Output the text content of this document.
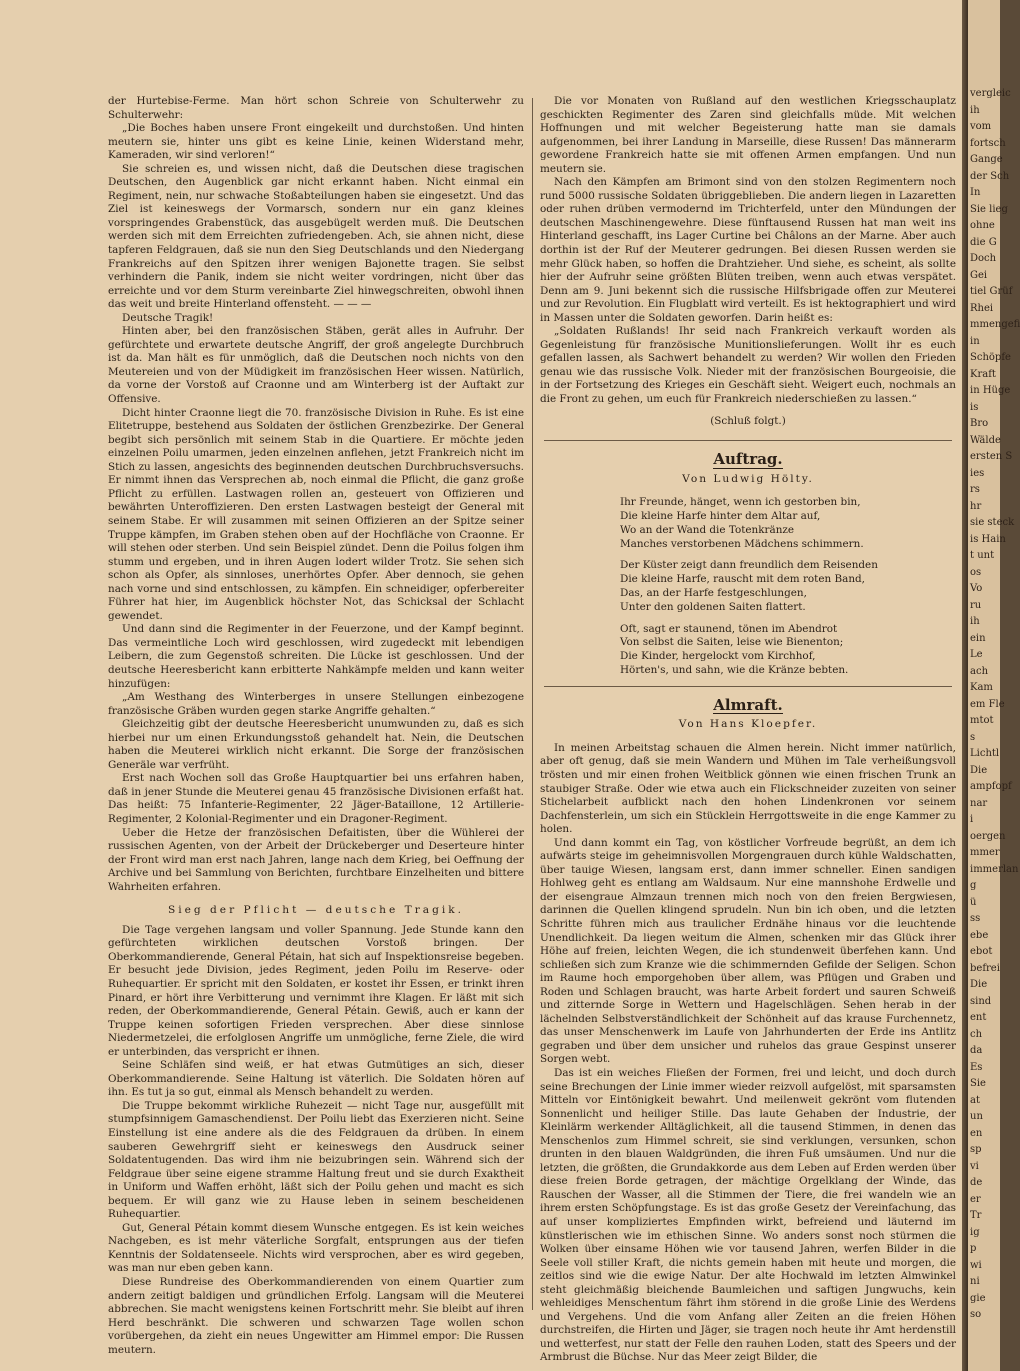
der Hurtebise-Ferme. Man hört schon Schreie von Schulterwehr zu Schulterwehr:

„Die Boches haben unsere Front eingekeilt und durchstoßen. Und hinten meutern sie, hinter uns gibt es keine Linie, keinen Widerstand mehr, Kameraden, wir sind verloren!“

Sie schreien es, und wissen nicht, daß die Deutschen diese tragischen Deutschen, den Augenblick gar nicht erkannt haben. Nicht einmal ein Regiment, nein, nur schwache Stoßabteilungen haben sie eingesetzt. Und das Ziel ist keineswegs der Vormarsch, sondern nur ein ganz kleines vorspringendes Grabenstück, das ausgebügelt werden muß. Die Deutschen werden sich mit dem Erreichten zufriedengeben. Ach, sie ahnen nicht, diese tapferen Feldgrauen, daß sie nun den Sieg Deutschlands und den Niedergang Frankreichs auf den Spitzen ihrer wenigen Bajonette tragen. Sie selbst verhindern die Panik, indem sie nicht weiter vordringen, nicht über das erreichte und vor dem Sturm vereinbarte Ziel hinwegschreiten, obwohl ihnen das weit und breite Hinterland offensteht. — — —

Deutsche Tragik!

Hinten aber, bei den französischen Stäben, gerät alles in Aufruhr. Der gefürchtete und erwartete deutsche Angriff, der groß angelegte Durchbruch ist da. Man hält es für unmöglich, daß die Deutschen noch nichts von den Meutereien und von der Müdigkeit im französischen Heer wissen. Natürlich, da vorne der Vorstoß auf Craonne und am Winterberg ist der Auftakt zur Offensive.

Dicht hinter Craonne liegt die 70. französische Division in Ruhe. Es ist eine Elitetruppe, bestehend aus Soldaten der östlichen Grenzbezirke. Der General begibt sich persönlich mit seinem Stab in die Quartiere. Er möchte jeden einzelnen Poilu umarmen, jeden einzelnen anflehen, jetzt Frankreich nicht im Stich zu lassen, angesichts des beginnenden deutschen Durchbruchsversuchs. Er nimmt ihnen das Versprechen ab, noch einmal die Pflicht, die ganz große Pflicht zu erfüllen. Lastwagen rollen an, gesteuert von Offizieren und bewährten Unteroffizieren. Den ersten Lastwagen besteigt der General mit seinem Stabe. Er will zusammen mit seinen Offizieren an der Spitze seiner Truppe kämpfen, im Graben stehen oben auf der Hochfläche von Craonne. Er will stehen oder sterben. Und sein Beispiel zündet. Denn die Poilus folgen ihm stumm und ergeben, und in ihren Augen lodert wilder Trotz. Sie sehen sich schon als Opfer, als sinnloses, unerhörtes Opfer. Aber dennoch, sie gehen nach vorne und sind entschlossen, zu kämpfen. Ein schneidiger, opferbereiter Führer hat hier, im Augenblick höchster Not, das Schicksal der Schlacht gewendet.

Und dann sind die Regimenter in der Feuerzone, und der Kampf beginnt. Das vermeintliche Loch wird geschlossen, wird zugedeckt mit lebendigen Leibern, die zum Gegenstoß schreiten. Die Lücke ist geschlossen. Und der deutsche Heeresbericht kann erbitterte Nahkämpfe melden und kann weiter hinzufügen:

„Am Westhang des Winterberges in unsere Stellungen einbezogene französische Gräben wurden gegen starke Angriffe gehalten.“

Gleichzeitig gibt der deutsche Heeresbericht unumwunden zu, daß es sich hierbei nur um einen Erkundungsstoß gehandelt hat. Nein, die Deutschen haben die Meuterei wirklich nicht erkannt. Die Sorge der französischen Generäle war verfrüht.

Erst nach Wochen soll das Große Hauptquartier bei uns erfahren haben, daß in jener Stunde die Meuterei genau 45 französische Divisionen erfaßt hat. Das heißt: 75 Infanterie-Regimenter, 22 Jäger-Bataillone, 12 Artillerie-Regimenter, 2 Kolonial-Regimenter und ein Dragoner-Regiment.

Ueber die Hetze der französischen Defaitisten, über die Wühlerei der russischen Agenten, von der Arbeit der Drückeberger und Deserteure hinter der Front wird man erst nach Jahren, lange nach dem Krieg, bei Oeffnung der Archive und bei Sammlung von Berichten, furchtbare Einzelheiten und bittere Wahrheiten erfahren.

Sieg der Pflicht — deutsche Tragik.

Die Tage vergehen langsam und voller Spannung. Jede Stunde kann den gefürchteten wirklichen deutschen Vorstoß bringen. Der Oberkommandierende, General Pétain, hat sich auf Inspektionsreise begeben. Er besucht jede Division, jedes Regiment, jeden Poilu im Reserve- oder Ruhequartier. Er spricht mit den Soldaten, er kostet ihr Essen, er trinkt ihren Pinard, er hört ihre Verbitterung und vernimmt ihre Klagen. Er läßt mit sich reden, der Oberkommandierende, General Pétain. Gewiß, auch er kann der Truppe keinen sofortigen Frieden versprechen. Aber diese sinnlose Niedermetzelei, die erfolglosen Angriffe um unmögliche, ferne Ziele, die wird er unterbinden, das verspricht er ihnen.

Seine Schläfen sind weiß, er hat etwas Gutmütiges an sich, dieser Oberkommandierende. Seine Haltung ist väterlich. Die Soldaten hören auf ihn. Es tut ja so gut, einmal als Mensch behandelt zu werden.

Die Truppe bekommt wirkliche Ruhezeit — nicht Tage nur, ausgefüllt mit stumpfsinnigem Gamaschendienst. Der Poilu liebt das Exerzieren nicht. Seine Einstellung ist eine andere als die des Feldgrauen da drüben. In einem sauberen Gewehrgriff sieht er keineswegs den Ausdruck seiner Soldatentugenden. Das wird ihm nie beizubringen sein. Während sich der Feldgraue über seine eigene stramme Haltung freut und sie durch Exaktheit in Uniform und Waffen erhöht, läßt sich der Poilu gehen und macht es sich bequem. Er will ganz wie zu Hause leben in seinem bescheidenen Ruhequartier.

Gut, General Pétain kommt diesem Wunsche entgegen. Es ist kein weiches Nachgeben, es ist mehr väterliche Sorgfalt, entsprungen aus der tiefen Kenntnis der Soldatenseele. Nichts wird versprochen, aber es wird gegeben, was man nur eben geben kann.

Diese Rundreise des Oberkommandierenden von einem Quartier zum andern zeitigt baldigen und gründlichen Erfolg. Langsam will die Meuterei abbrechen. Sie macht wenigstens keinen Fortschritt mehr. Sie bleibt auf ihren Herd beschränkt. Die schweren und schwarzen Tage wollen schon vorübergehen, da zieht ein neues Ungewitter am Himmel empor: Die Russen meutern.

Die vor Monaten von Rußland auf den westlichen Kriegsschauplatz geschickten Regimenter des Zaren sind gleichfalls müde. Mit welchen Hoffnungen und mit welcher Begeisterung hatte man sie damals aufgenommen, bei ihrer Landung in Marseille, diese Russen! Das männerarm gewordene Frankreich hatte sie mit offenen Armen empfangen. Und nun meutern sie.

Nach den Kämpfen am Brimont sind von den stolzen Regimentern noch rund 5000 russische Soldaten übriggeblieben. Die andern liegen in Lazaretten oder ruhen drüben vermodernd im Trichterfeld, unter den Mündungen der deutschen Maschinengewehre. Diese fünftausend Russen hat man weit ins Hinterland geschafft, ins Lager Curtine bei Châlons an der Marne. Aber auch dorthin ist der Ruf der Meuterer gedrungen. Bei diesen Russen werden sie mehr Glück haben, so hoffen die Drahtzieher. Und siehe, es scheint, als sollte hier der Aufruhr seine größten Blüten treiben, wenn auch etwas verspätet. Denn am 9. Juni bekennt sich die russische Hilfsbrigade offen zur Meuterei und zur Revolution. Ein Flugblatt wird verteilt. Es ist hektographiert und wird in Massen unter die Soldaten geworfen. Darin heißt es:

„Soldaten Rußlands! Ihr seid nach Frankreich verkauft worden als Gegenleistung für französische Munitionslieferungen. Wollt ihr es euch gefallen lassen, als Sachwert behandelt zu werden? Wir wollen den Frieden genau wie das russische Volk. Nieder mit der französischen Bourgeoisie, die in der Fortsetzung des Krieges ein Geschäft sieht. Weigert euch, nochmals an die Front zu gehen, um euch für Frankreich niederschießen zu lassen.“

(Schluß folgt.)
Auftrag.
Von Ludwig Hölty.
Ihr Freunde, hänget, wenn ich gestorben bin,
Die kleine Harfe hinter dem Altar auf,
Wo an der Wand die Totenkränze
Manches verstorbenen Mädchens schimmern.
Der Küster zeigt dann freundlich dem Reisenden
Die kleine Harfe, rauscht mit dem roten Band,
Das, an der Harfe festgeschlungen,
Unter den goldenen Saiten flattert.
Oft, sagt er staunend, tönen im Abendrot
Von selbst die Saiten, leise wie Bienenton;
Die Kinder, hergelockt vom Kirchhof,
Hörten's, und sahn, wie die Kränze bebten.
Almraft.
Von Hans Kloepfer.

In meinen Arbeitstag schauen die Almen herein. Nicht immer natürlich, aber oft genug, daß sie mein Wandern und Mühen im Tale verheißungsvoll trösten und mir einen frohen Weitblick gönnen wie einen frischen Trunk an staubiger Straße. Oder wie etwa auch ein Flickschneider zuzeiten von seiner Stichelarbeit aufblickt nach den hohen Lindenkronen vor seinem Dachfensterlein, um sich ein Stücklein Herrgottsweite in die enge Kammer zu holen.

Und dann kommt ein Tag, von köstlicher Vorfreude begrüßt, an dem ich aufwärts steige im geheimnisvollen Morgengrauen durch kühle Waldschatten, über tauige Wiesen, langsam erst, dann immer schneller. Einen sandigen Hohlweg geht es entlang am Waldsaum. Nur eine mannshohe Erdwelle und der eisengraue Almzaun trennen mich noch von den freien Bergwiesen, darinnen die Quellen klingend sprudeln. Nun bin ich oben, und die letzten Schritte führen mich aus traulicher Erdnähe hinaus vor die leuchtende Unendlichkeit. Da liegen weitum die Almen, schenken mir das Glück ihrer Höhe auf freien, leichten Wegen, die ich stundenweit überfehen kann. Und schließen sich zum Kranze wie die schimmernden Gefilde der Seligen. Schon im Raume hoch emporgehoben über allem, was Pflügen und Graben und Roden und Schlagen braucht, was harte Arbeit fordert und sauren Schweiß und zitternde Sorge in Wettern und Hagelschlägen. Sehen herab in der lächelnden Selbstverständlichkeit der Schönheit auf das krause Furchennetz, das unser Menschenwerk im Laufe von Jahrhunderten der Erde ins Antlitz gegraben und über dem unsicher und ruhelos das graue Gespinst unserer Sorgen webt.

Das ist ein weiches Fließen der Formen, frei und leicht, und doch durch seine Brechungen der Linie immer wieder reizvoll aufgelöst, mit sparsamsten Mitteln vor Eintönigkeit bewahrt. Und meilenweit gekrönt vom flutenden Sonnenlicht und heiliger Stille. Das laute Gehaben der Industrie, der Kleinlärm werkender Alltäglichkeit, all die tausend Stimmen, in denen das Menschenlos zum Himmel schreit, sie sind verklungen, versunken, schon drunten in den blauen Waldgründen, die ihren Fuß umsäumen. Und nur die letzten, die größten, die Grundakkorde aus dem Leben auf Erden werden über diese freien Borde getragen, der mächtige Orgelklang der Winde, das Rauschen der Wasser, all die Stimmen der Tiere, die frei wandeln wie an ihrem ersten Schöpfungstage. Es ist das große Gesetz der Vereinfachung, das auf unser kompliziertes Empfinden wirkt, befreiend und läuternd im künstlerischen wie im ethischen Sinne. Wo anders sonst noch stürmen die Wolken über einsame Höhen wie vor tausend Jahren, werfen Bilder in die Seele voll stiller Kraft, die nichts gemein haben mit heute und morgen, die zeitlos sind wie die ewige Natur. Der alte Hochwald im letzten Almwinkel steht gleichmäßig bleichende Baumleichen und saftigen Jungwuchs, kein wehleidiges Menschentum fährt ihm störend in die große Linie des Werdens und Vergehens. Und die vom Anfang aller Zeiten an die freien Höhen durchstreifen, die Hirten und Jäger, sie tragen noch heute ihr Amt herdenstill und wetterfest, nur statt der Felle den rauhen Loden, statt des Speers und der Armbrust die Büchse. Nur das Meer zeigt Bilder, die

vergleic
ih
vom
fortsch
Gange
der Sch
In
Sie lieg
ohne
die G
Doch
Gei
tiel Grüf
Rhei
mmengefi
in
Schöpfe
Kraft
in Hüge
is
Bro
Wälde
ersten S
ies
rs
hr
sie steck
is Hain
t unt
os
Vo
ru
ih
ein
Le
ach
Kam
em Fle
mtot
s
Lichtl
Die
ampfopf
nar
i
oergen
mmer
immerlan
g
ü
ss
ebe
ebot
befrei
Die
sind
ent
ch
da
Es
Sie
at
un
en
sp
vi
de
er
Tr
ig
p
wi
ni
gie
so
